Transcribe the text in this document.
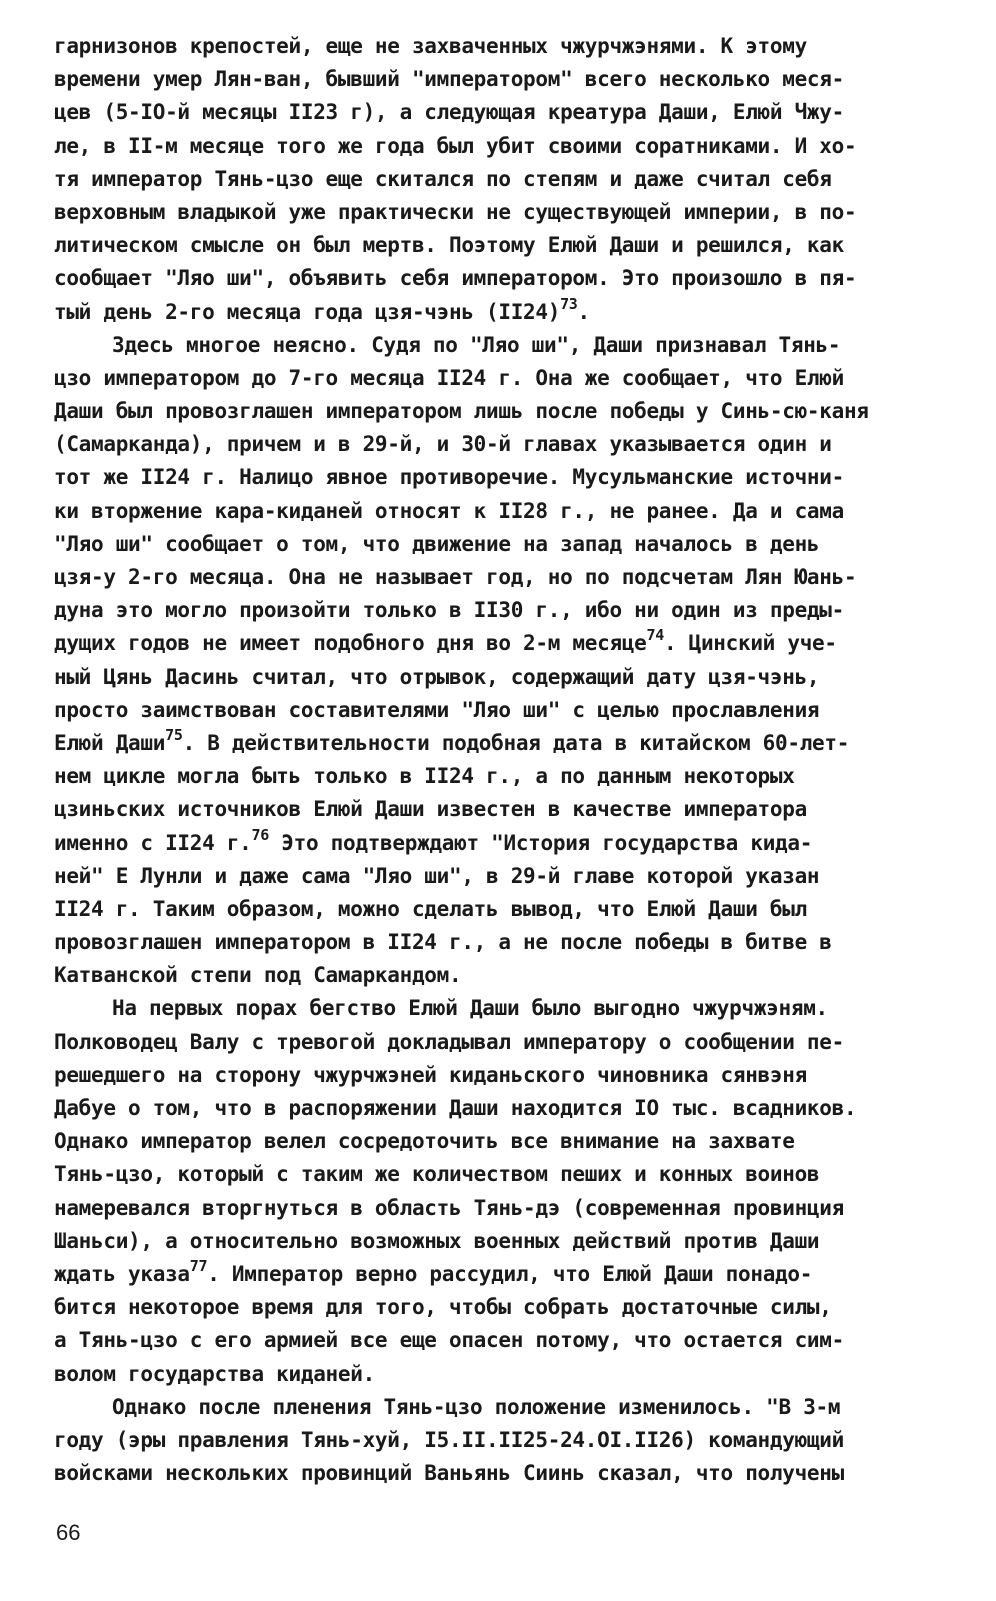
гарнизонов крепостей, еще не захваченных чжурчжэнями. К этому
времени умер Лян-ван, бывший "императором" всего несколько меся-
цев (5-IO-й месяцы II23 г), а следующая креатура Даши, Елюй Чжу-
ле, в II-м месяце того же года был убит своими соратниками. И хо-
тя император Тянь-цзо еще скитался по степям и даже считал себя
верховным владыкой уже практически не существующей империи, в по-
литическом смысле он был мертв. Поэтому Елюй Даши и решился, как
сообщает "Ляо ши", объявить себя императором. Это произошло в пя-
тый день 2-го месяца года цзя-чэнь $(II24)^{73}$.
Здесь многое неясно. Судя по "Ляо ши", Даши признавал Тянь-
цзо императором до 7-го месяца II24 г. Она же сообщает, что Елюй
Даши был провозглашен императором лишь после победы у Синь-сю-каня
(Самарканда), причем и в 29-й, и 30-й главах указывается один и
тот же II24 г. Налицо явное противоречие. Мусульманские источни-
ки вторжение кара-киданей относят к II28 г., не ранее. Да и сама
"Ляо ши" сообщает о том, что движение на запад началось в день
цзя-у 2-го месяца. Она не называет год, но по подсчетам Лян Юань-
дуна это могло произойти только в II30 г., ибо ни один из преды-
дущих годов не имеет подобного дня во 2-м месяце$^{74}$. Цинский уче-
ный Цянь Дасинь считал, что отрывок, содержащий дату цзя-чэнь,
просто заимствован составителями "Ляо ши" с целью прославления
Елюй Даши$^{75}$. В действительности подобная дата в китайском 60-лет-
нем цикле могла быть только в II24 г., а по данным некоторых
цзиньских источников Елюй Даши известен в качестве императора
именно с II24 г.$^{76}$ Это подтверждают "История государства кида-
ней" Е Лунли и даже сама "Ляо ши", в 29-й главе которой указан
II24 г. Таким образом, можно сделать вывод, что Елюй Даши был
провозглашен императором в II24 г., а не после победы в битве в
Катванской степи под Самаркандом.
На первых порах бегство Елюй Даши было выгодно чжурчжэням.
Полководец Валу с тревогой докладывал императору о сообщении пе-
решедшего на сторону чжурчжэней киданьского чиновника сянвэня
Дабуе о том, что в распоряжении Даши находится IO тыс. всадников.
Однако император велел сосредоточить все внимание на захвате
Тянь-цзо, который с таким же количеством пеших и конных воинов
намеревался вторгнуться в область Тянь-дэ (современная провинция
Шаньси), а относительно возможных военных действий против Даши
ждать указа$^{77}$. Император верно рассудил, что Елюй Даши понадо-
бится некоторое время для того, чтобы собрать достаточные силы,
а Тянь-цзо с его армией все еще опасен потому, что остается сим-
волом государства киданей.
Однако после пленения Тянь-цзо положение изменилось. "В 3-м
году (эры правления Тянь-хуй, I5.II.II25-24.OI.II26) командующий
войсками нескольких провинций Ваньянь Сиинь сказал, что получены
66
